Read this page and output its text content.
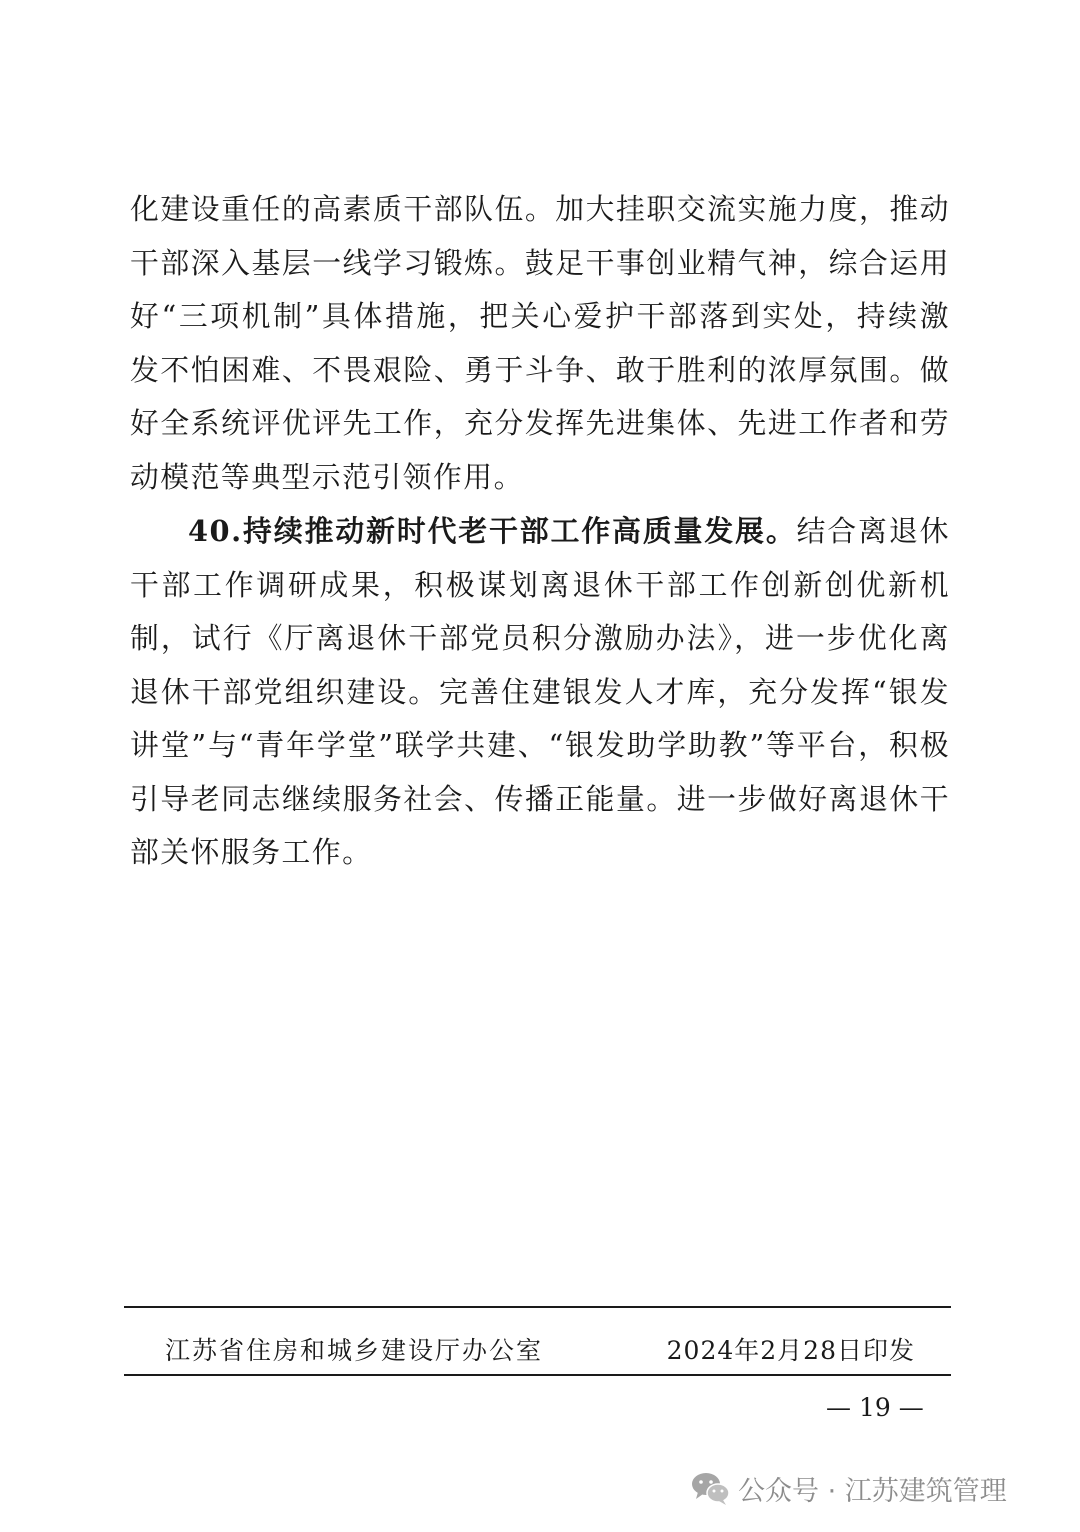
化建设重任的高素质干部队伍。加大挂职交流实施力度，推动干部深入基层一线学习锻炼。鼓足干事创业精气神，综合运用好“三项机制”具体措施，把关心爱护干部落到实处，持续激发不怕困难、不畏艰险、勇于斗争、敢于胜利的浓厚氛围。做好全系统评优评先工作，充分发挥先进集体、先进工作者和劳动模范等典型示范引领作用。

40.持续推动新时代老干部工作高质量发展。结合离退休干部工作调研成果，积极谋划离退休干部工作创新创优新机制，试行《厅离退休干部党员积分激励办法》，进一步优化离退休干部党组织建设。完善住建银发人才库，充分发挥“银发讲堂”与“青年学堂”联学共建、“银发助学助教”等平台，积极引导老同志继续服务社会、传播正能量。进一步做好离退休干部关怀服务工作。

江苏省住房和城乡建设厅办公室	2024年2月28日印发
— 19 —
公众号 · 江苏建筑管理
